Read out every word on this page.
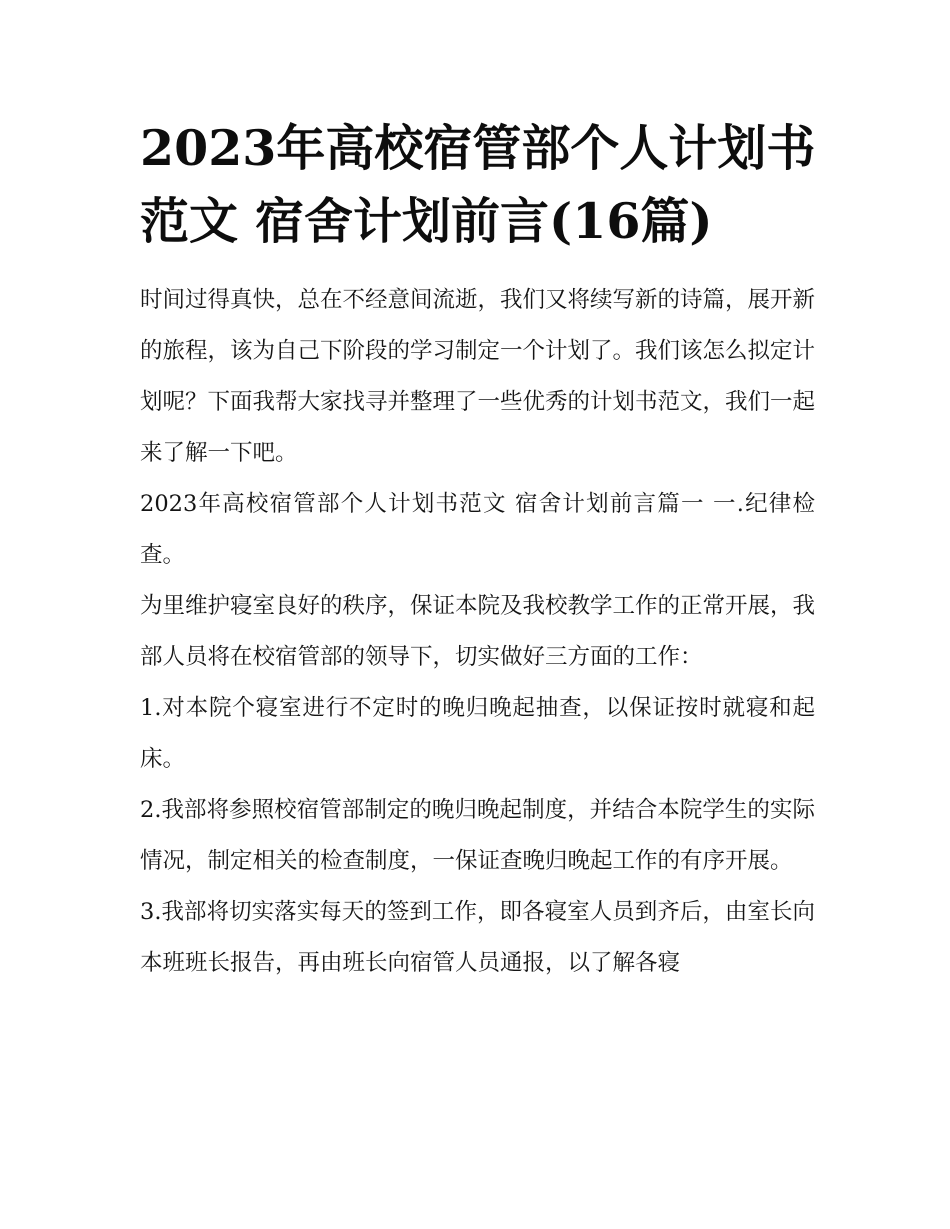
2023年高校宿管部个人计划书范文 宿舍计划前言(16篇)

时间过得真快，总在不经意间流逝，我们又将续写新的诗篇，展开新的旅程，该为自己下阶段的学习制定一个计划了。我们该怎么拟定计划呢？下面我帮大家找寻并整理了一些优秀的计划书范文，我们一起来了解一下吧。

2023年高校宿管部个人计划书范文 宿舍计划前言篇一 一.纪律检查。

为里维护寝室良好的秩序，保证本院及我校教学工作的正常开展，我部人员将在校宿管部的领导下，切实做好三方面的工作：

1.对本院个寝室进行不定时的晚归晚起抽查，以保证按时就寝和起床。

2.我部将参照校宿管部制定的晚归晚起制度，并结合本院学生的实际情况，制定相关的检查制度，一保证查晚归晚起工作的有序开展。

3.我部将切实落实每天的签到工作，即各寝室人员到齐后，由室长向本班班长报告，再由班长向宿管人员通报，以了解各寝
